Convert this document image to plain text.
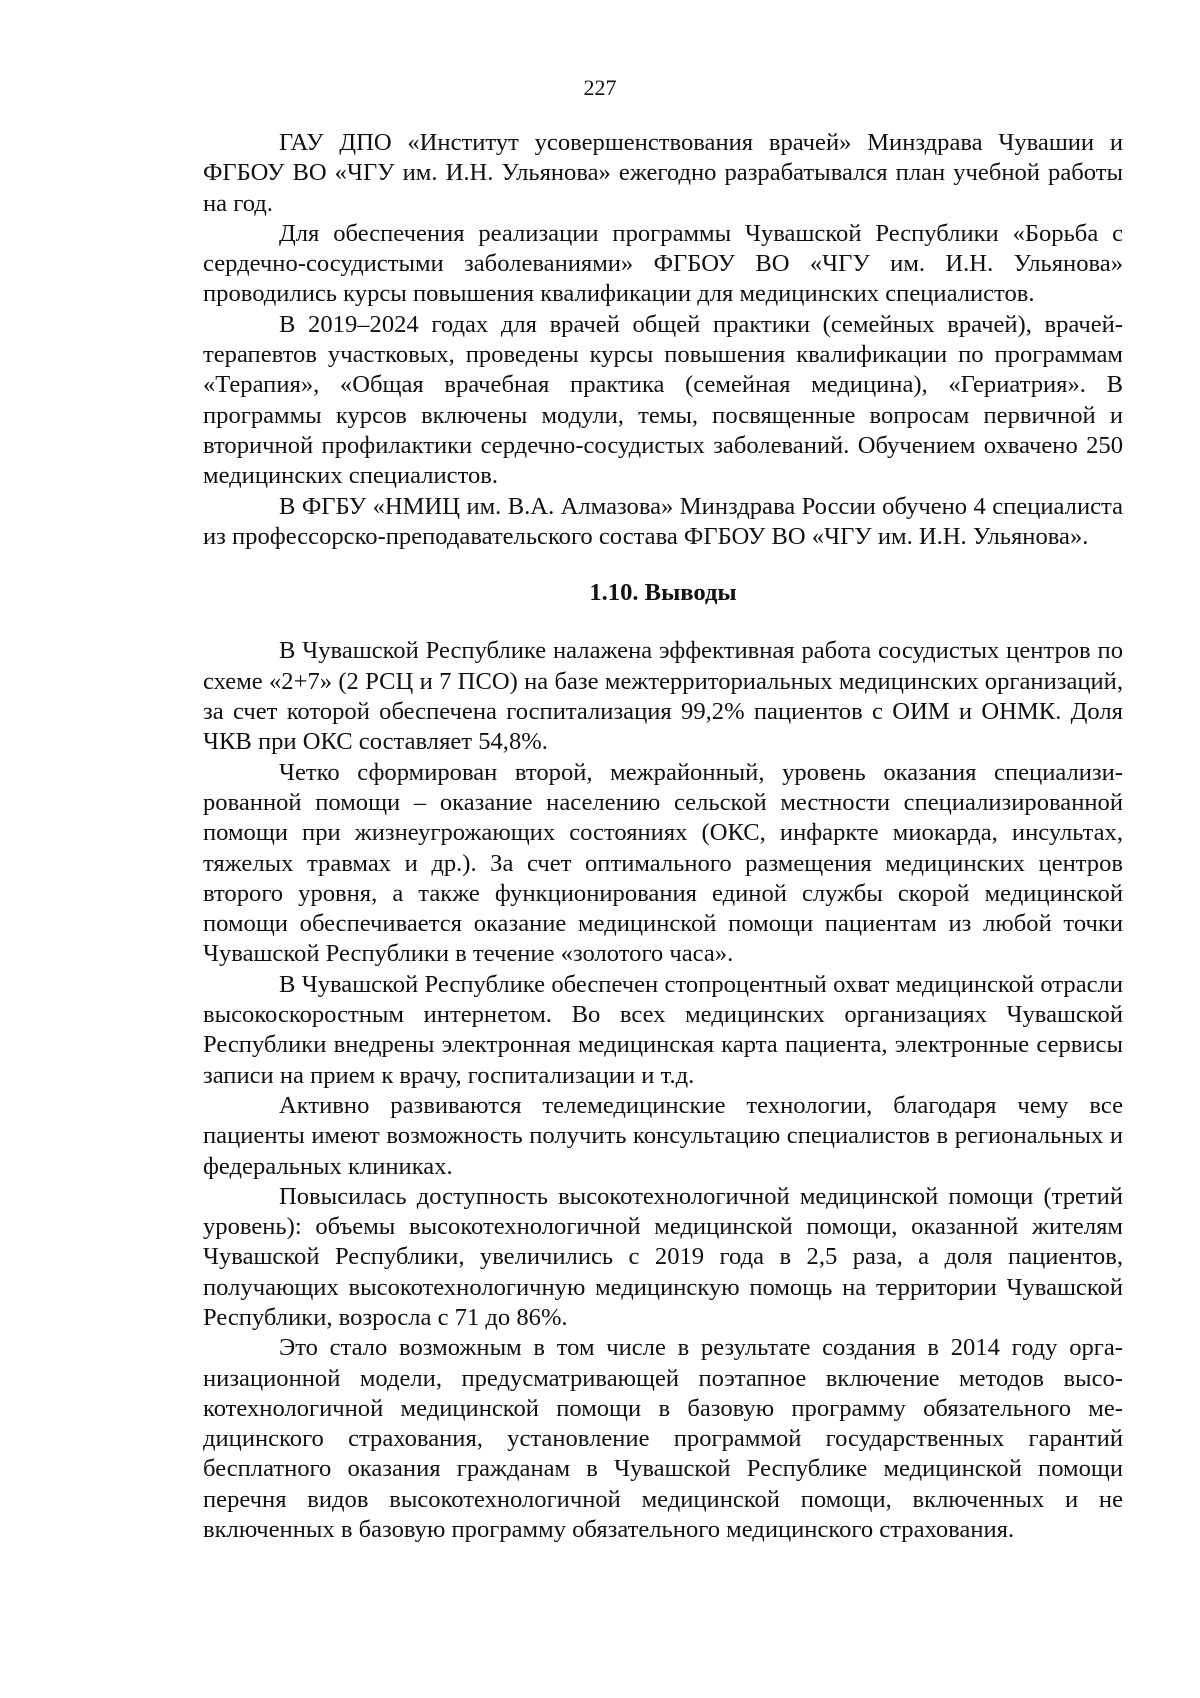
227

ГАУ ДПО «Институт усовершенствования врачей» Минздрава Чувашии и ФГБОУ ВО «ЧГУ им. И.Н. Ульянова» ежегодно разрабатывался план учебной работы на год.

Для обеспечения реализации программы Чувашской Республики «Борьба с сердечно-сосудистыми заболеваниями» ФГБОУ ВО «ЧГУ им. И.Н. Ульянова» проводились курсы повышения квалификации для медицинских специалистов.

В 2019–2024 годах для врачей общей практики (семейных врачей), врачей-терапевтов участковых, проведены курсы повышения квалификации по программам «Терапия», «Общая врачебная практика (семейная медицина), «Гериатрия». В программы курсов включены модули, темы, посвященные вопросам первичной и вторичной профилактики сердечно-сосудистых заболеваний. Обучением охвачено 250 медицинских специалистов.

В ФГБУ «НМИЦ им. В.А. Алмазова» Минздрава России обучено 4 специалиста из профессорско-преподавательского состава ФГБОУ ВО «ЧГУ им. И.Н. Ульянова».

1.10. Выводы

В Чувашской Республике налажена эффективная работа сосудистых центров по схеме «2+7» (2 РСЦ и 7 ПСО) на базе межтерриториальных медицинских организаций, за счет которой обеспечена госпитализация 99,2% пациентов с ОИМ и ОНМК. Доля ЧКВ при ОКС составляет 54,8%.

Четко сформирован второй, межрайонный, уровень оказания специализированной помощи – оказание населению сельской местности специализированной помощи при жизнеугрожающих состояниях (ОКС, инфаркте миокарда, инсультах, тяжелых травмах и др.). За счет оптимального размещения медицинских центров второго уровня, а также функционирования единой службы скорой медицинской помощи обеспечивается оказание медицинской помощи пациентам из любой точки Чувашской Республики в течение «золотого часа».

В Чувашской Республике обеспечен стопроцентный охват медицинской отрасли высокоскоростным интернетом. Во всех медицинских организациях Чувашской Республики внедрены электронная медицинская карта пациента, электронные сервисы записи на прием к врачу, госпитализации и т.д.

Активно развиваются телемедицинские технологии, благодаря чему все пациенты имеют возможность получить консультацию специалистов в региональных и федеральных клиниках.

Повысилась доступность высокотехнологичной медицинской помощи (третий уровень): объемы высокотехнологичной медицинской помощи, оказанной жителям Чувашской Республики, увеличились с 2019 года в 2,5 раза, а доля пациентов, получающих высокотехнологичную медицинскую помощь на территории Чувашской Республики, возросла с 71 до 86%.

Это стало возможным в том числе в результате создания в 2014 году организационной модели, предусматривающей поэтапное включение методов высокотехнологичной медицинской помощи в базовую программу обязательного медицинского страхования, установление программой государственных гарантий бесплатного оказания гражданам в Чувашской Республике медицинской помощи перечня видов высокотехнологичной медицинской помощи, включенных и не включенных в базовую программу обязательного медицинского страхования.
